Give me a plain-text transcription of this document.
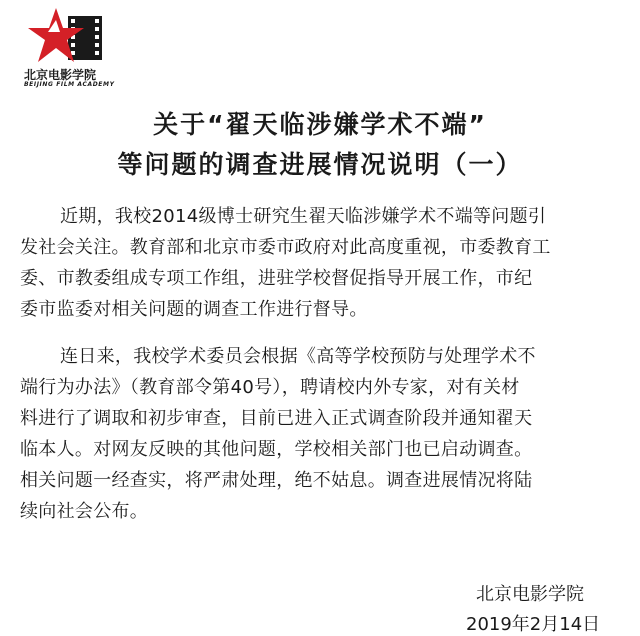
北京电影学院
BEIJING FILM ACADEMY
关于“翟天临涉嫌学术不端”
等问题的调查进展情况说明（一）
近期，我校2014级博士研究生翟天临涉嫌学术不端等问题引
发社会关注。教育部和北京市委市政府对此高度重视，市委教育工
委、市教委组成专项工作组，进驻学校督促指导开展工作，市纪
委市监委对相关问题的调查工作进行督导。
连日来，我校学术委员会根据《高等学校预防与处理学术不
端行为办法》（教育部令第40号），聘请校内外专家，对有关材
料进行了调取和初步审查，目前已进入正式调查阶段并通知翟天
临本人。对网友反映的其他问题，学校相关部门也已启动调查。
相关问题一经查实，将严肃处理，绝不姑息。调查进展情况将陆
续向社会公布。
北京电影学院
2019年2月14日
